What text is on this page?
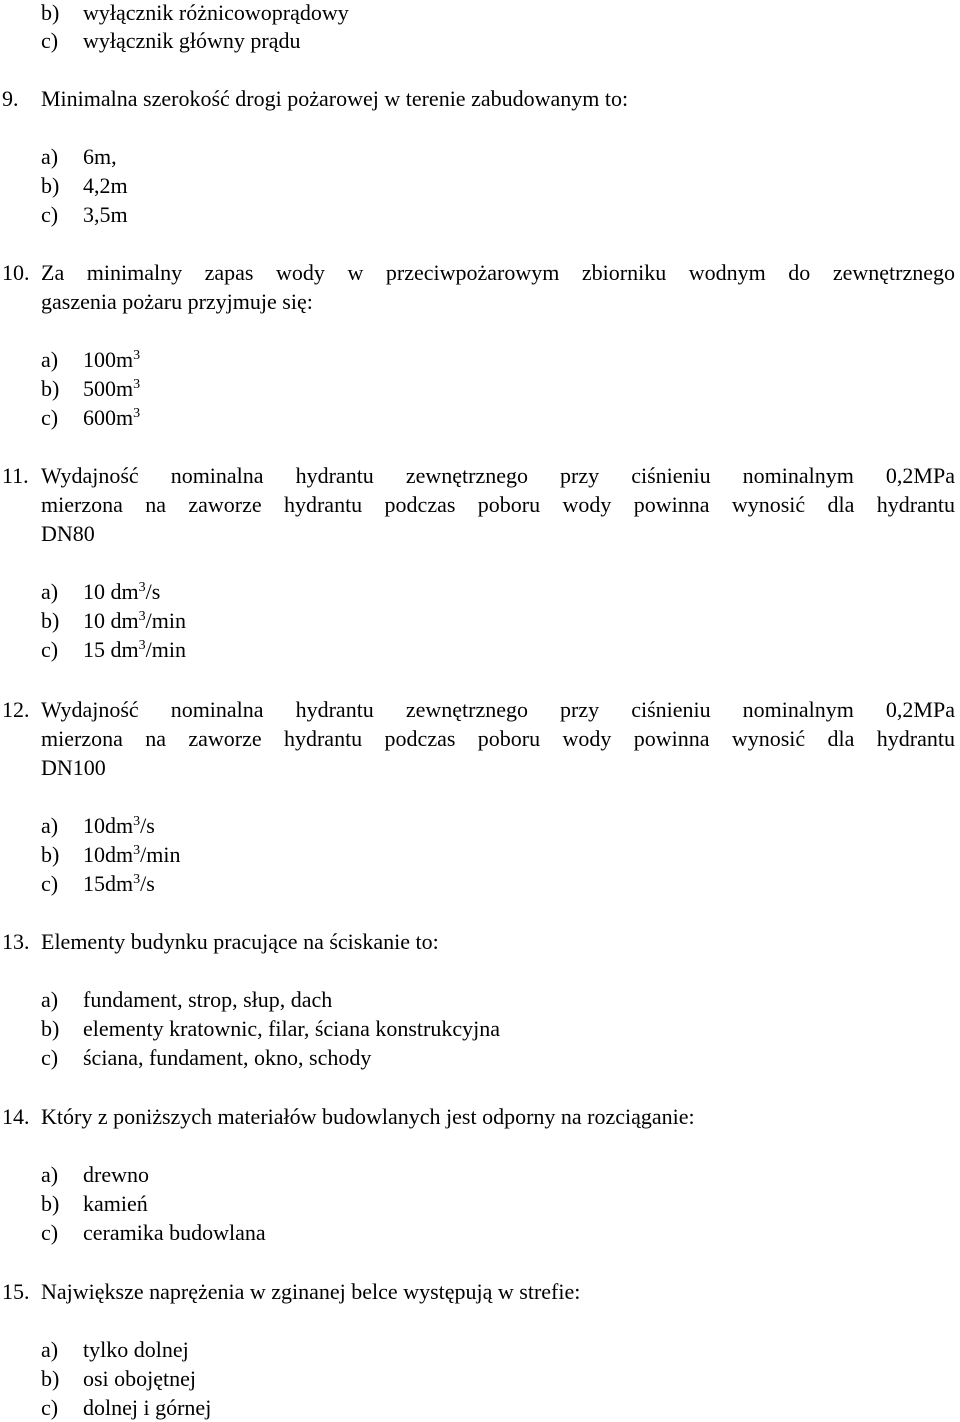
b) wyłącznik różnicowoprądowy
c) wyłącznik główny prądu
9. Minimalna szerokość drogi pożarowej w terenie zabudowanym to:
a) 6m,
b) 4,2m
c) 3,5m
10. Za minimalny zapas wody w przeciwpożarowym zbiorniku wodnym do zewnętrznego
gaszenia pożaru przyjmuje się:
a) $100m^3$
b) $500m^3$
c) $600m^3$
11. Wydajność nominalna hydrantu zewnętrznego przy ciśnieniu nominalnym 0,2MPa
mierzona na zaworze hydrantu podczas poboru wody powinna wynosić dla hydrantu
DN80
a) 10 $dm^3/s$
b) 10 $dm^3/\min$
c) 15 $dm^3/\min$
12. Wydajność nominalna hydrantu zewnętrznego przy ciśnieniu nominalnym 0,2MPa
mierzona na zaworze hydrantu podczas poboru wody powinna wynosić dla hydrantu
DN100
a) $10dm^3/s$
b) $10dm^3/\min$
c) $15dm^3/s$
13. Elementy budynku pracujące na ściskanie to:
a) fundament, strop, słup, dach
b) elementy kratownic, filar, ściana konstrukcyjna
c) ściana, fundament, okno, schody
14. Który z poniższych materiałów budowlanych jest odporny na rozciąganie:
a) drewno
b) kamień
c) ceramika budowlana
15. Największe naprężenia w zginanej belce występują w strefie:
a) tylko dolnej
b) osi obojętnej
c) dolnej i górnej
